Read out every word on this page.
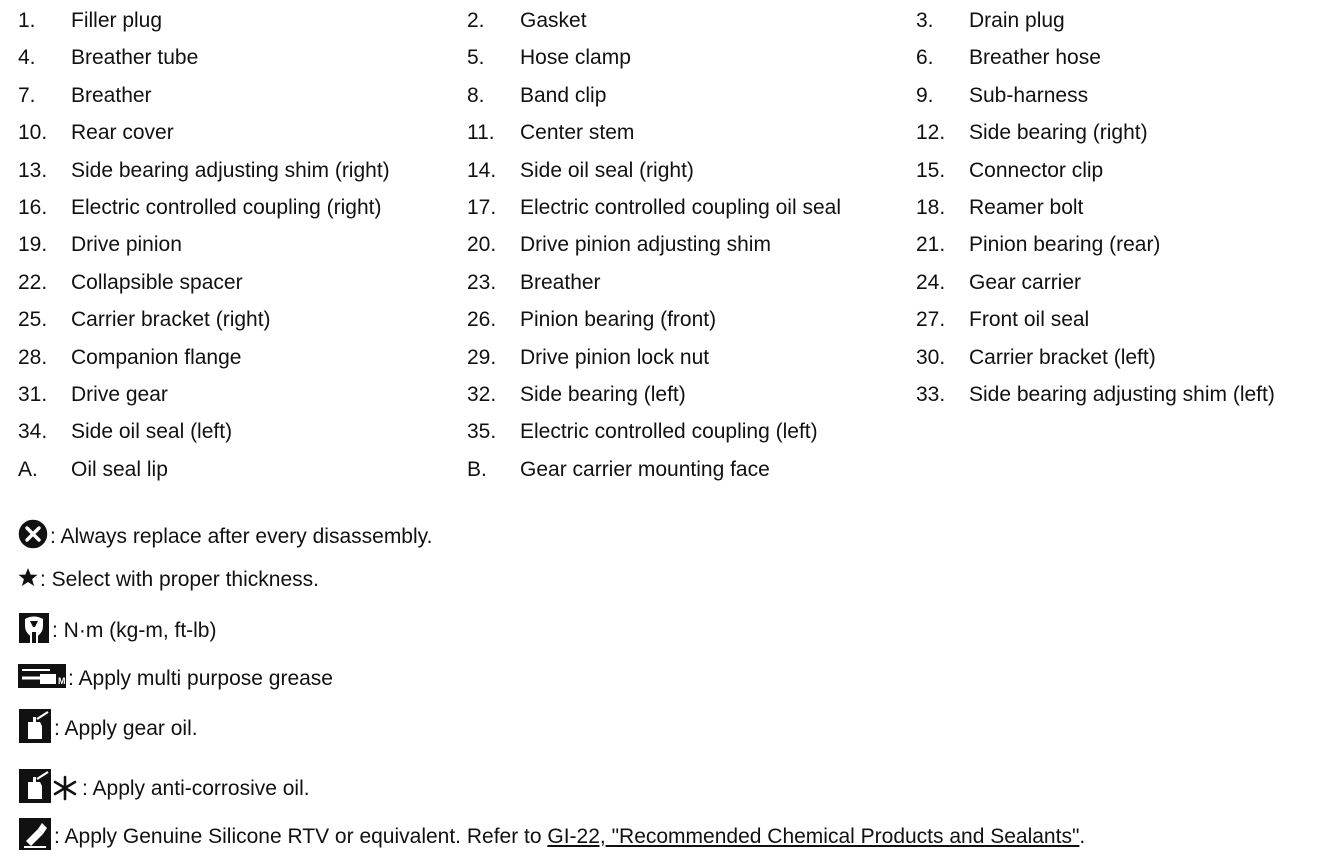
1. Filler plug	2. Gasket	3. Drain plug
4. Breather tube	5. Hose clamp	6. Breather hose
7. Breather	8. Band clip	9. Sub-harness
10. Rear cover	11. Center stem	12. Side bearing (right)
13. Side bearing adjusting shim (right)	14. Side oil seal (right)	15. Connector clip
16. Electric controlled coupling (right)	17. Electric controlled coupling oil seal	18. Reamer bolt
19. Drive pinion	20. Drive pinion adjusting shim	21. Pinion bearing (rear)
22. Collapsible spacer	23. Breather	24. Gear carrier
25. Carrier bracket (right)	26. Pinion bearing (front)	27. Front oil seal
28. Companion flange	29. Drive pinion lock nut	30. Carrier bracket (left)
31. Drive gear	32. Side bearing (left)	33. Side bearing adjusting shim (left)
34. Side oil seal (left)	35. Electric controlled coupling (left)
A. Oil seal lip	B. Gear carrier mounting face
: Always replace after every disassembly.
: Select with proper thickness.
: N·m (kg-m, ft-lb)
M : Apply multi purpose grease
: Apply gear oil.
: Apply anti-corrosive oil.
: Apply Genuine Silicone RTV or equivalent. Refer to GI-22, "Recommended Chemical Products and Sealants".
